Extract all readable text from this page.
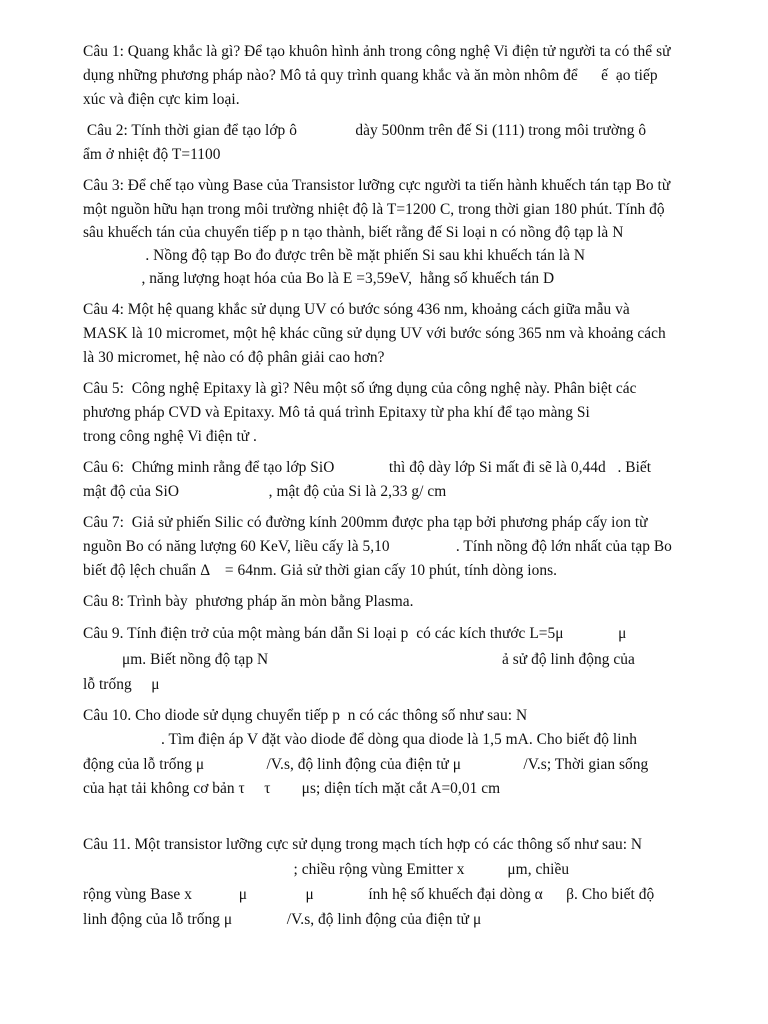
Câu 1: Quang khắc là gì? Để tạo khuôn hình ảnh trong công nghệ Vi điện tử người ta có thể sử
dụng những phương pháp nào? Mô tả quy trình quang khắc và ăn mòn nhôm để      ế  ạo tiếp
xúc và điện cực kim loại.
Câu 2: Tính thời gian để tạo lớp ô               dày 500nm trên đế Si (111) trong môi trường ô
ẩm ở nhiệt độ T=1100
Câu 3: Để chế tạo vùng Base của Transistor lưỡng cực người ta tiến hành khuếch tán tạp Bo từ
một nguồn hữu hạn trong môi trường nhiệt độ là T=1200 C, trong thời gian 180 phút. Tính độ
sâu khuếch tán của chuyển tiếp p n tạo thành, biết rằng đế Si loại n có nồng độ tạp là N
. Nồng độ tạp Bo đo được trên bề mặt phiến Si sau khi khuếch tán là N
, năng lượng hoạt hóa của Bo là E =3,59eV,  hằng số khuếch tán D
Câu 4: Một hệ quang khắc sử dụng UV có bước sóng 436 nm, khoảng cách giữa mẫu và
MASK là 10 micromet, một hệ khác cũng sử dụng UV với bước sóng 365 nm và khoảng cách
là 30 micromet, hệ nào có độ phân giải cao hơn?
Câu 5:  Công nghệ Epitaxy là gì? Nêu một số ứng dụng của công nghệ này. Phân biệt các
phương pháp CVD và Epitaxy. Mô tả quá trình Epitaxy từ pha khí để tạo màng Si
trong công nghệ Vi điện tử .
Câu 6:  Chứng minh rằng để tạo lớp SiO              thì độ dày lớp Si mất đi sẽ là 0,44d   . Biết
mật độ của SiO                       , mật độ của Si là 2,33 g/ cm
Câu 7:  Giả sử phiến Silic có đường kính 200mm được pha tạp bởi phương pháp cấy ion từ
nguồn Bo có năng lượng 60 KeV, liều cấy là 5,10                 . Tính nồng độ lớn nhất của tạp Bo
biết độ lệch chuẩn Δ    = 64nm. Giả sử thời gian cấy 10 phút, tính dòng ions.
Câu 8: Trình bày  phương pháp ăn mòn bằng Plasma.
Câu 9. Tính điện trở của một màng bán dẫn Si loại p  có các kích thước L=5μ              μ
μm. Biết nồng độ tạp N                                                            ả sử độ linh động của
lỗ trống     μ
Câu 10. Cho diode sử dụng chuyển tiếp p  n có các thông số như sau: N
. Tìm điện áp V đặt vào diode để dòng qua diode là 1,5 mA. Cho biết độ linh
động của lỗ trống μ                /V.s, độ linh động của điện tử μ                /V.s; Thời gian sống
của hạt tải không cơ bản τ     τ        μs; diện tích mặt cắt A=0,01 cm
Câu 11. Một transistor lưỡng cực sử dụng trong mạch tích hợp có các thông số như sau: N
; chiều rộng vùng Emitter x           μm, chiều
rộng vùng Base x            μ               μ              ính hệ số khuếch đại dòng α      β. Cho biết độ
linh động của lỗ trống μ              /V.s, độ linh động của điện tử μ
